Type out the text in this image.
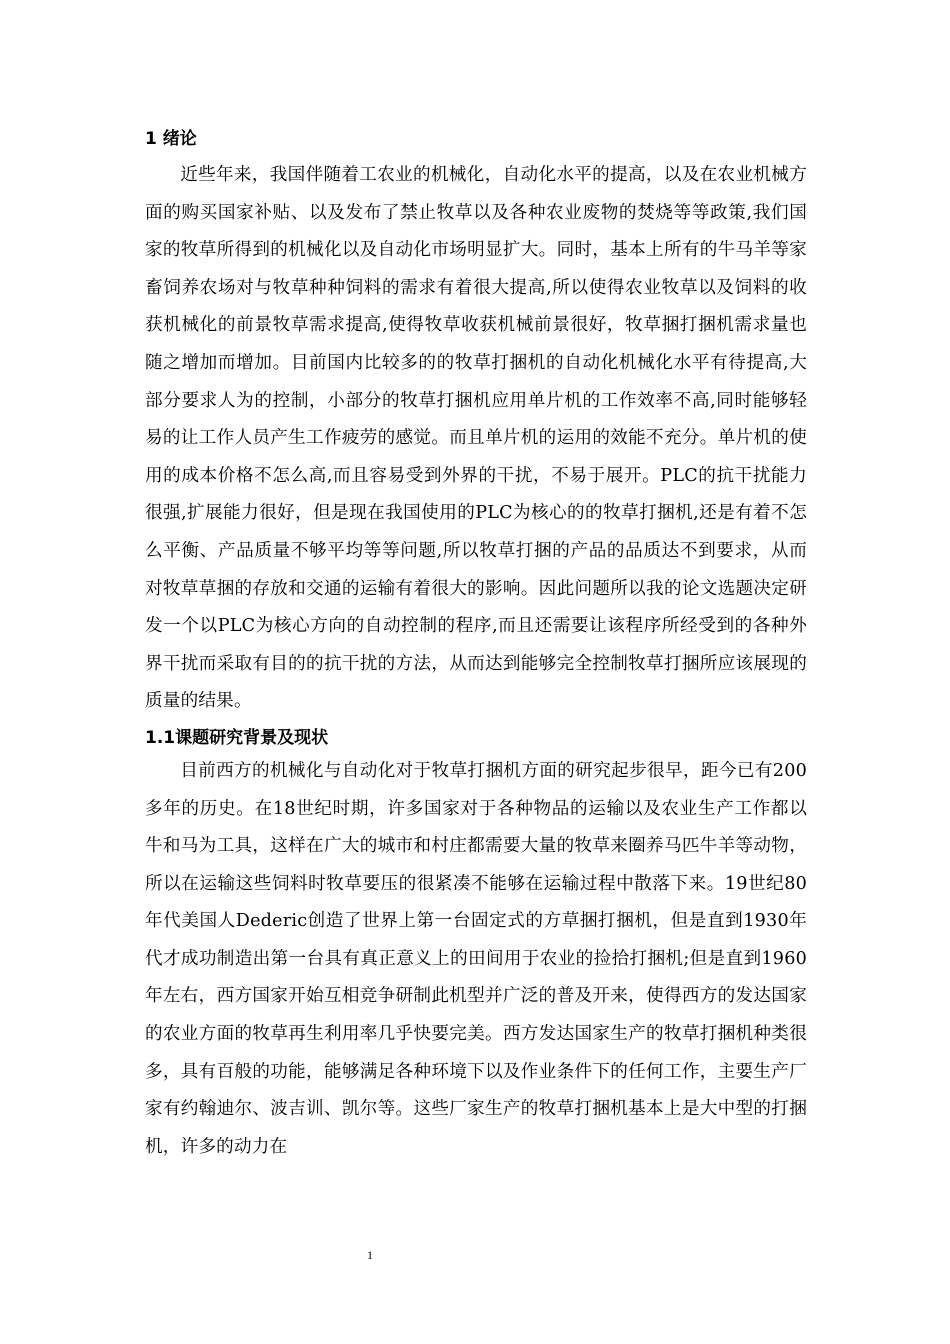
1 绪论

近些年来，我国伴随着工农业的机械化，自动化水平的提高，以及在农业机械方面的购买国家补贴、以及发布了禁止牧草以及各种农业废物的焚烧等等政策,我们国家的牧草所得到的机械化以及自动化市场明显扩大。同时，基本上所有的牛马羊等家畜饲养农场对与牧草种种饲料的需求有着很大提高,所以使得农业牧草以及饲料的收获机械化的前景牧草需求提高,使得牧草收获机械前景很好，牧草捆打捆机需求量也随之增加而增加。目前国内比较多的的牧草打捆机的自动化机械化水平有待提高,大部分要求人为的控制，小部分的牧草打捆机应用单片机的工作效率不高,同时能够轻易的让工作人员产生工作疲劳的感觉。而且单片机的运用的效能不充分。单片机的使用的成本价格不怎么高,而且容易受到外界的干扰，不易于展开。PLC的抗干扰能力很强,扩展能力很好，但是现在我国使用的PLC为核心的的牧草打捆机,还是有着不怎么平衡、产品质量不够平均等等问题,所以牧草打捆的产品的品质达不到要求，从而对牧草草捆的存放和交通的运输有着很大的影响。因此问题所以我的论文选题决定研发一个以PLC为核心方向的自动控制的程序,而且还需要让该程序所经受到的各种外界干扰而采取有目的的抗干扰的方法，从而达到能够完全控制牧草打捆所应该展现的质量的结果。

1.1课题研究背景及现状

目前西方的机械化与自动化对于牧草打捆机方面的研究起步很早，距今已有200多年的历史。在18世纪时期，许多国家对于各种物品的运输以及农业生产工作都以牛和马为工具，这样在广大的城市和村庄都需要大量的牧草来圈养马匹牛羊等动物，所以在运输这些饲料时牧草要压的很紧凑不能够在运输过程中散落下来。19世纪80年代美国人Dederic创造了世界上第一台固定式的方草捆打捆机，但是直到1930年代才成功制造出第一台具有真正意义上的田间用于农业的捡拾打捆机;但是直到1960年左右，西方国家开始互相竞争研制此机型并广泛的普及开来，使得西方的发达国家的农业方面的牧草再生利用率几乎快要完美。西方发达国家生产的牧草打捆机种类很多，具有百般的功能，能够满足各种环境下以及作业条件下的任何工作，主要生产厂家有约翰迪尔、波吉训、凯尔等。这些厂家生产的牧草打捆机基本上是大中型的打捆机，许多的动力在

1
